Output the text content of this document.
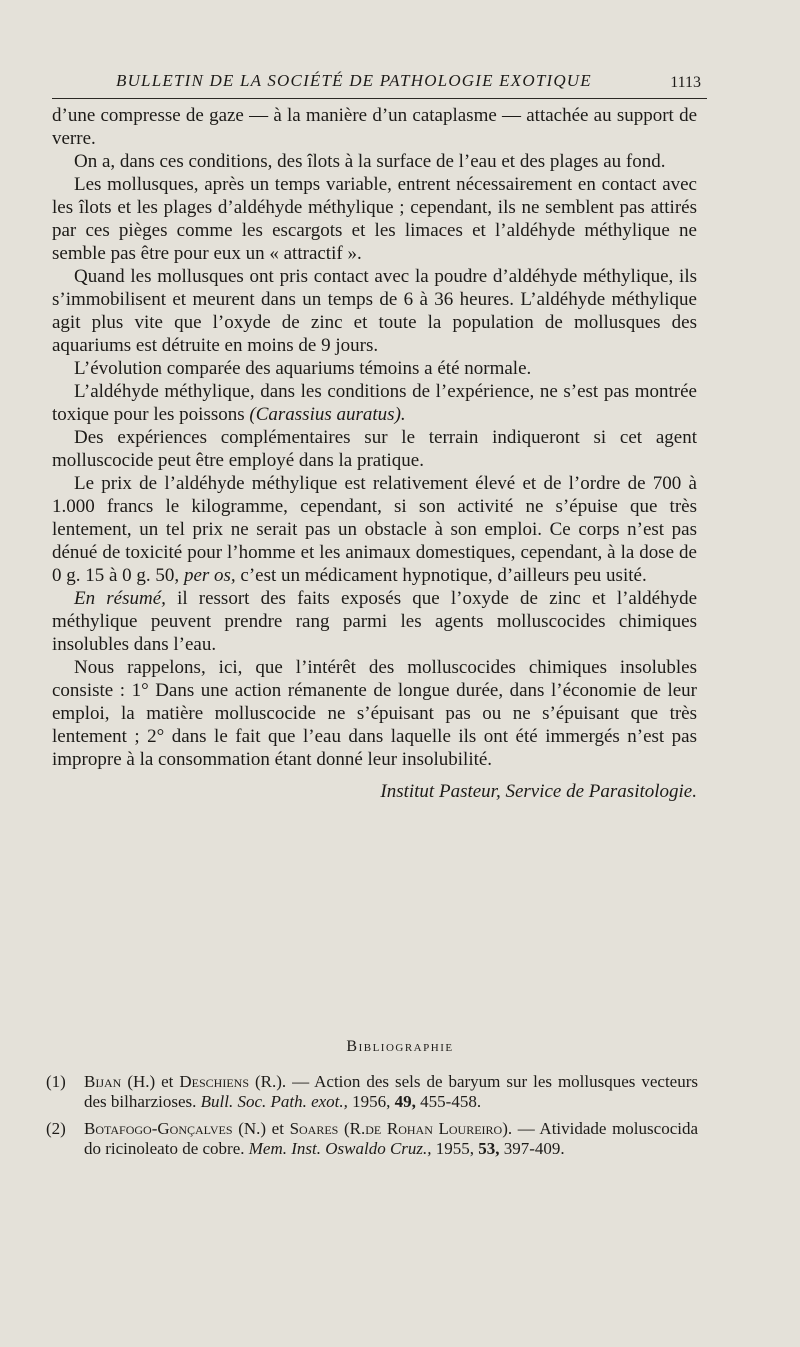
BULLETIN DE LA SOCIÉTÉ DE PATHOLOGIE EXOTIQUE	1113

d’une compresse de gaze — à la manière d’un cataplasme — attachée au support de verre.

On a, dans ces conditions, des îlots à la surface de l’eau et des plages au fond.

Les mollusques, après un temps variable, entrent nécessairement en contact avec les îlots et les plages d’aldéhyde méthylique ; cependant, ils ne semblent pas attirés par ces pièges comme les escargots et les limaces et l’aldéhyde méthylique ne semble pas être pour eux un « attractif ».

Quand les mollusques ont pris contact avec la poudre d’aldéhyde méthylique, ils s’immobilisent et meurent dans un temps de 6 à 36 heures. L’aldéhyde méthylique agit plus vite que l’oxyde de zinc et toute la population de mollusques des aquariums est détruite en moins de 9 jours.

L’évolution comparée des aquariums témoins a été normale.

L’aldéhyde méthylique, dans les conditions de l’expérience, ne s’est pas montrée toxique pour les poissons (Carassius auratus).

Des expériences complémentaires sur le terrain indiqueront si cet agent molluscocide peut être employé dans la pratique.

Le prix de l’aldéhyde méthylique est relativement élevé et de l’ordre de 700 à 1.000 francs le kilogramme, cependant, si son activité ne s’épuise que très lentement, un tel prix ne serait pas un obstacle à son emploi. Ce corps n’est pas dénué de toxicité pour l’homme et les animaux domestiques, cependant, à la dose de 0 g. 15 à 0 g. 50, per os, c’est un médicament hypnotique, d’ailleurs peu usité.

En résumé, il ressort des faits exposés que l’oxyde de zinc et l’aldéhyde méthylique peuvent prendre rang parmi les agents molluscocides chimiques insolubles dans l’eau.

Nous rappelons, ici, que l’intérêt des molluscocides chimiques insolubles consiste : 1° Dans une action rémanente de longue durée, dans l’économie de leur emploi, la matière molluscocide ne s’épuisant pas ou ne s’épuisant que très lentement ; 2° dans le fait que l’eau dans laquelle ils ont été immergés n’est pas impropre à la consommation étant donné leur insolubilité.

Institut Pasteur, Service de Parasitologie.

Bibliographie
(1) Bijan (H.) et Deschiens (R.). — Action des sels de baryum sur les mollusques vecteurs des bilharzioses. Bull. Soc. Path. exot., 1956, 49, 455-458.
(2) Botafogo-Gonçalves (N.) et Soares (R.de Rohan Loureiro). — Atividade moluscocida do ricinoleato de cobre. Mem. Inst. Oswaldo Cruz., 1955, 53, 397-409.
